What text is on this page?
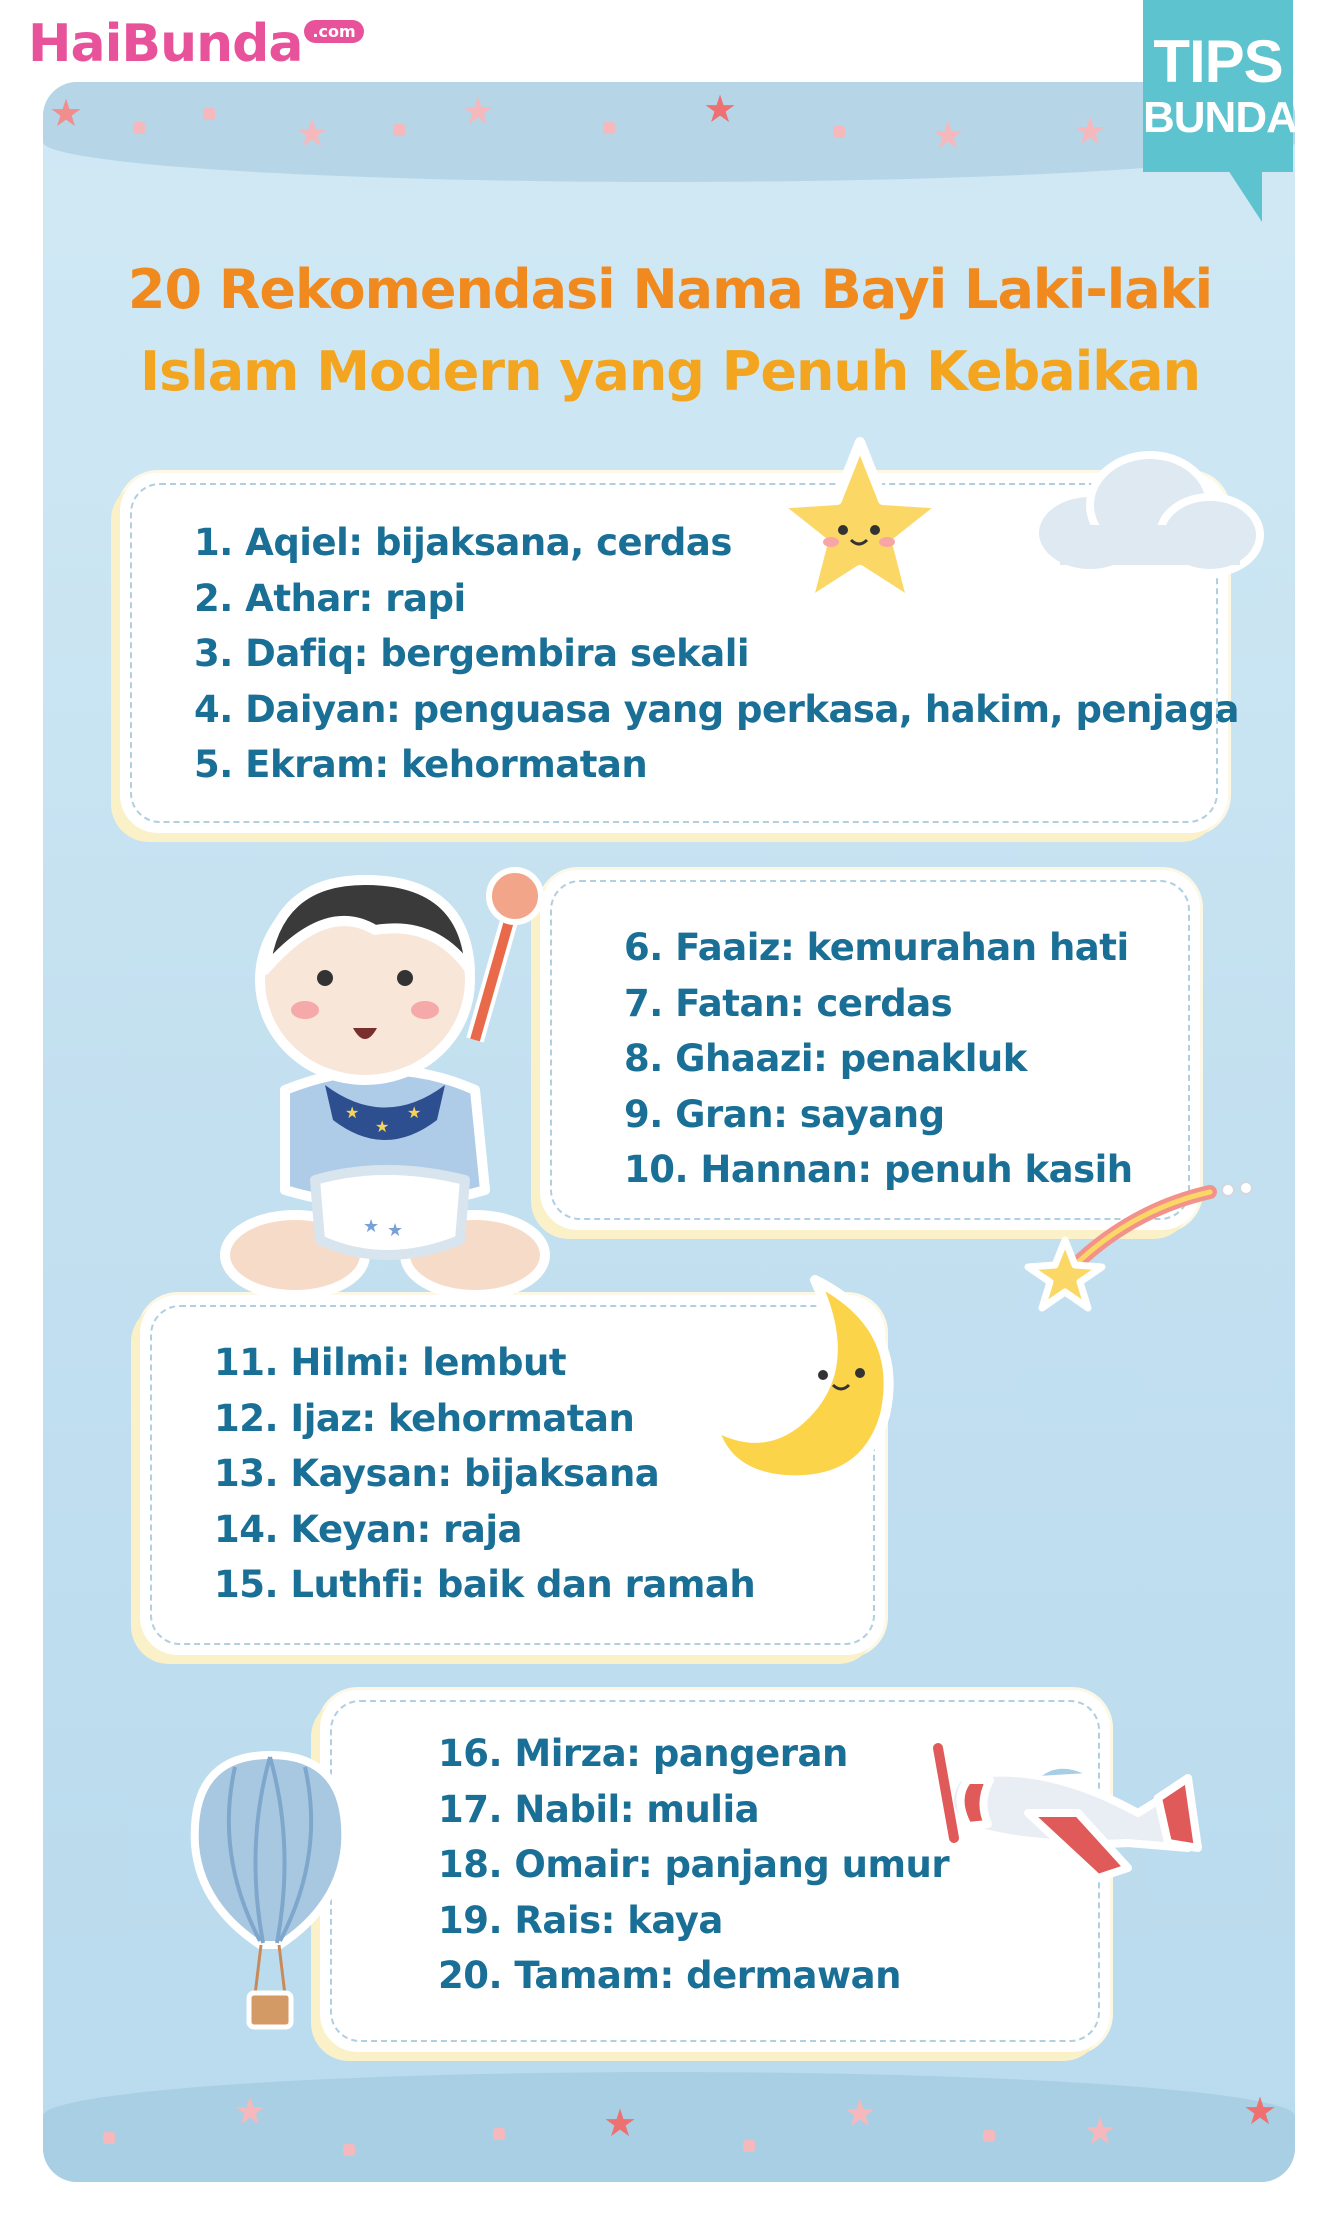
HaiBunda .com	TIPS
BUNDA
★	★	★	★
★	★
★	★	★	★	★
20 Rekomendasi Nama Bayi Laki-laki
Islam Modern yang Penuh Kebaikan
1. Aqiel: bijaksana, cerdas
2. Athar: rapi
3. Dafiq: bergembira sekali
4. Daiyan: penguasa yang perkasa, hakim, penjaga
5. Ekram: kehormatan
6. Faaiz: kemurahan hati
7. Fatan: cerdas
8. Ghaazi: penakluk
9. Gran: sayang
10. Hannan: penuh kasih
11. Hilmi: lembut
12. Ijaz: kehormatan
13. Kaysan: bijaksana
14. Keyan: raja
15. Luthfi: baik dan ramah
16. Mirza: pangeran
17. Nabil: mulia
18. Omair: panjang umur
19. Rais: kaya
20. Tamam: dermawan
★
★
★
★ ★
